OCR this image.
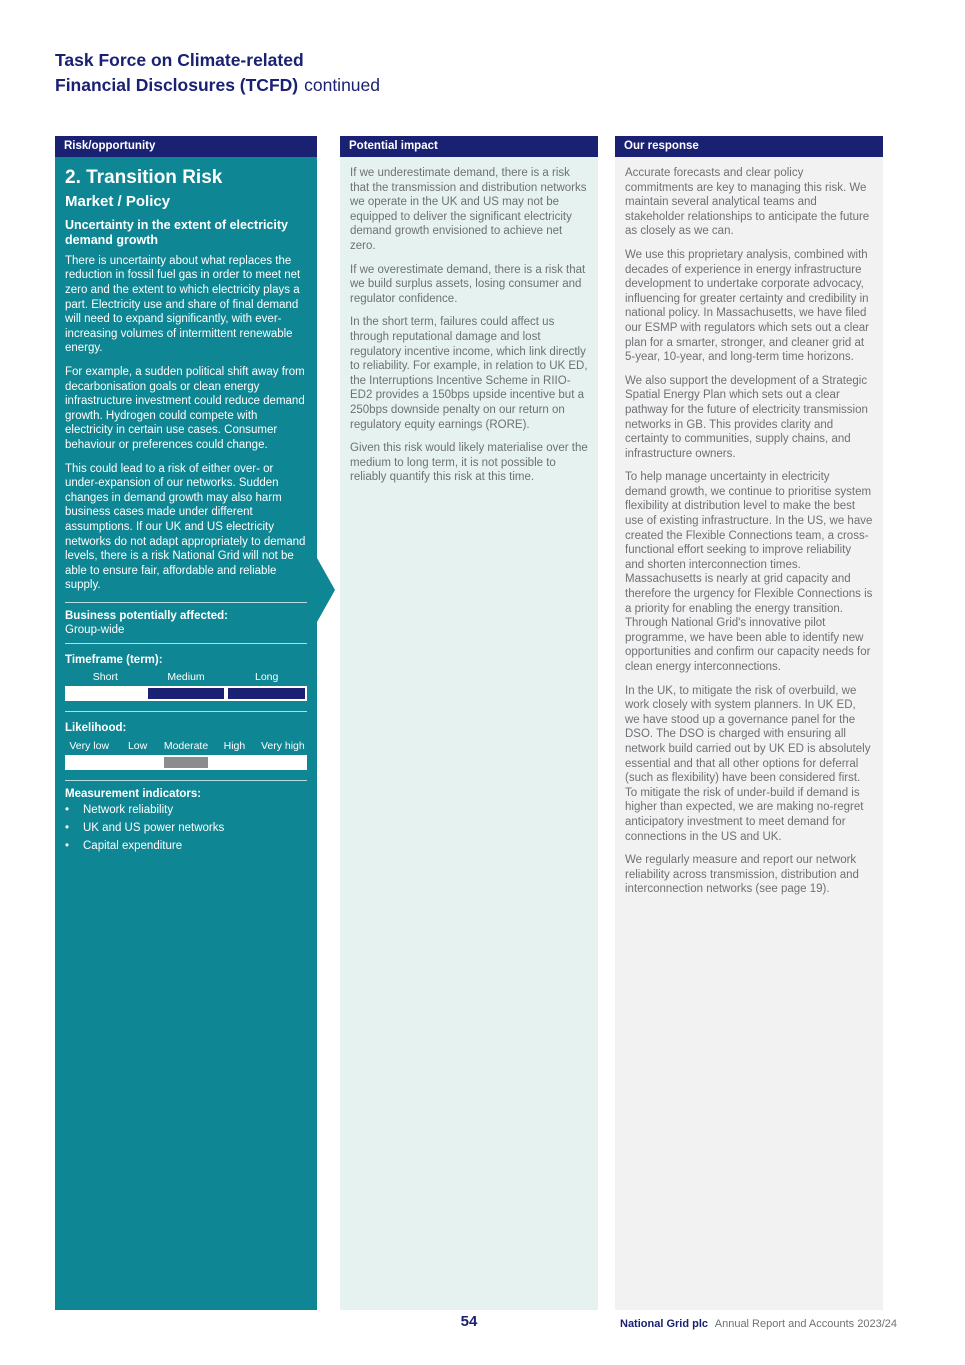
Task Force on Climate-related
Financial Disclosures (TCFD) continued
Risk/opportunity
2. Transition Risk
Market / Policy
Uncertainty in the extent of electricity demand growth

There is uncertainty about what replaces the reduction in fossil fuel gas in order to meet net zero and the extent to which electricity plays a part. Electricity use and share of final demand will need to expand significantly, with ever-increasing volumes of intermittent renewable energy.

For example, a sudden political shift away from decarbonisation goals or clean energy infrastructure investment could reduce demand growth. Hydrogen could compete with electricity in certain use cases. Consumer behaviour or preferences could change.

This could lead to a risk of either over- or under-expansion of our networks. Sudden changes in demand growth may also harm business cases made under different assumptions. If our UK and US electricity networks do not adapt appropriately to demand levels, there is a risk National Grid will not be able to ensure fair, affordable and reliable supply.

Business potentially affected:
Group-wide
Timeframe (term):
Short	Medium	Long
Likelihood:
Very low	Low	Moderate	High	Very high
Measurement indicators:
•	Network reliability
•	UK and US power networks
•	Capital expenditure
Potential impact

If we underestimate demand, there is a risk that the transmission and distribution networks we operate in the UK and US may not be equipped to deliver the significant electricity demand growth envisioned to achieve net zero.

If we overestimate demand, there is a risk that we build surplus assets, losing consumer and regulator confidence.

In the short term, failures could affect us through reputational damage and lost regulatory incentive income, which link directly to reliability. For example, in relation to UK ED, the Interruptions Incentive Scheme in RIIO-ED2 provides a 150bps upside incentive but a 250bps downside penalty on our return on regulatory equity earnings (RORE).

Given this risk would likely materialise over the medium to long term, it is not possible to reliably quantify this risk at this time.

Our response

Accurate forecasts and clear policy commitments are key to managing this risk. We maintain several analytical teams and stakeholder relationships to anticipate the future as closely as we can.

We use this proprietary analysis, combined with decades of experience in energy infrastructure development to undertake corporate advocacy, influencing for greater certainty and credibility in national policy. In Massachusetts, we have filed our ESMP with regulators which sets out a clear plan for a smarter, stronger, and cleaner grid at 5-year, 10-year, and long-term time horizons.

We also support the development of a Strategic Spatial Energy Plan which sets out a clear pathway for the future of electricity transmission networks in GB. This provides clarity and certainty to communities, supply chains, and infrastructure owners.

To help manage uncertainty in electricity demand growth, we continue to prioritise system flexibility at distribution level to make the best use of existing infrastructure. In the US, we have created the Flexible Connections team, a cross-functional effort seeking to improve reliability and shorten interconnection times. Massachusetts is nearly at grid capacity and therefore the urgency for Flexible Connections is a priority for enabling the energy transition. Through National Grid's innovative pilot programme, we have been able to identify new opportunities and confirm our capacity needs for clean energy interconnections.

In the UK, to mitigate the risk of overbuild, we work closely with system planners. In UK ED, we have stood up a governance panel for the DSO. The DSO is charged with ensuring all network build carried out by UK ED is absolutely essential and that all other options for deferral (such as flexibility) have been considered first. To mitigate the risk of under-build if demand is higher than expected, we are making no-regret anticipatory investment to meet demand for connections in the US and UK.

We regularly measure and report our network reliability across transmission, distribution and interconnection networks (see page 19).

54	National Grid plc Annual Report and Accounts 2023/24
